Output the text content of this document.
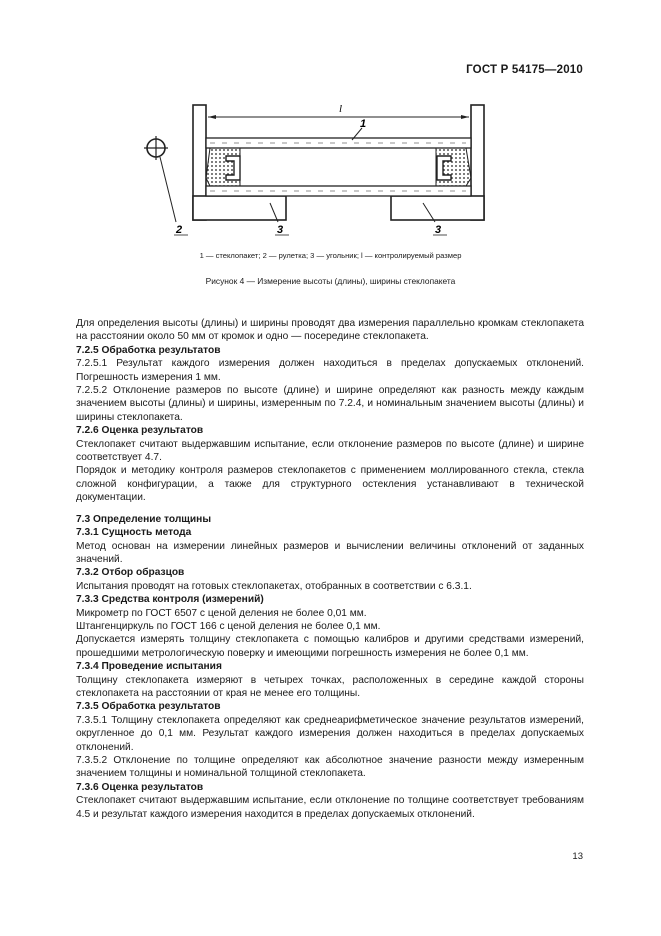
ГОСТ Р 54175—2010
l
1
2	3	3
1 — стеклопакет; 2 — рулетка; 3 — угольник; l — контролируемый размер
Рисунок 4 — Измерение высоты (длины), ширины стеклопакета

Для определения высоты (длины) и ширины проводят два измерения параллельно кромкам стеклопакета на расстоянии около 50 мм от кромок и одно — посередине стеклопакета.

7.2.5 Обработка результатов

7.2.5.1 Результат каждого измерения должен находиться в пределах допускаемых отклонений. Погрешность измерения 1 мм.

7.2.5.2 Отклонение размеров по высоте (длине) и ширине определяют как разность между каждым значением высоты (длины) и ширины, измеренным по 7.2.4, и номинальным значением высоты (длины) и ширины стеклопакета.

7.2.6 Оценка результатов

Стеклопакет считают выдержавшим испытание, если отклонение размеров по высоте (длине) и ширине соответствует 4.7.

Порядок и методику контроля размеров стеклопакетов с применением моллированного стекла, стекла сложной конфигурации, а также для структурного остекления устанавливают в технической документации.

7.3 Определение толщины

7.3.1 Сущность метода

Метод основан на измерении линейных размеров и вычислении величины отклонений от заданных значений.

7.3.2 Отбор образцов

Испытания проводят на готовых стеклопакетах, отобранных в соответствии с 6.3.1.

7.3.3 Средства контроля (измерений)

Микрометр по ГОСТ 6507 с ценой деления не более 0,01 мм.

Штангенциркуль по ГОСТ 166 с ценой деления не более 0,1 мм.

Допускается измерять толщину стеклопакета с помощью калибров и другими средствами измерений, прошедшими метрологическую поверку и имеющими погрешность измерения не более 0,1 мм.

7.3.4 Проведение испытания

Толщину стеклопакета измеряют в четырех точках, расположенных в середине каждой стороны стеклопакета на расстоянии от края не менее его толщины.

7.3.5 Обработка результатов

7.3.5.1 Толщину стеклопакета определяют как среднеарифметическое значение результатов измерений, округленное до 0,1 мм. Результат каждого измерения должен находиться в пределах допускаемых отклонений.

7.3.5.2 Отклонение по толщине определяют как абсолютное значение разности между измеренным значением толщины и номинальной толщиной стеклопакета.

7.3.6 Оценка результатов

Стеклопакет считают выдержавшим испытание, если отклонение по толщине соответствует требованиям 4.5 и результат каждого измерения находится в пределах допускаемых отклонений.

13
